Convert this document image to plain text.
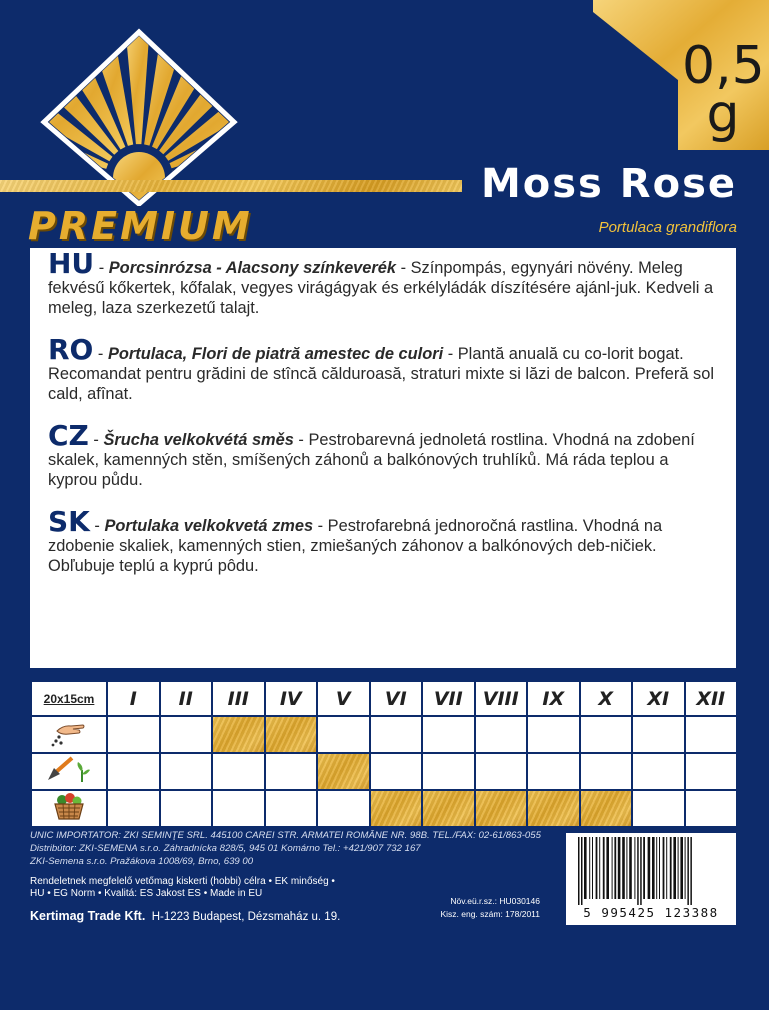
PREMIUM
0,5
g
Moss Rose
Portulaca grandiflora

HU - Porcsinrózsa - Alacsony színkeverék - Színpompás, egynyári növény. Meleg fekvésű kőkertek, kőfalak, vegyes virágágyak és erkélyládák díszítésére ajánl-juk. Kedveli a meleg, laza szerkezetű talajt.

RO - Portulaca, Flori de piatră amestec de culori - Plantă anuală cu co-lorit bogat. Recomandat pentru grădini de stîncă călduroasă, straturi mixte si lăzi de balcon. Preferă sol cald, afînat.

CZ - Šrucha velkokvétá směs - Pestrobarevná jednoletá rostlina. Vhodná na zdobení skalek, kamenných stěn, smíšených záhonů a balkónových truhlíků. Má ráda teplou a kyprou půdu.

SK - Portulaka velkokvetá zmes - Pestrofarebná jednoročná rastlina. Vhodná na zdobenie skaliek, kamenných stien, zmiešaných záhonov a balkónových deb-ničiek. Obľubuje teplú a kyprú pôdu.

20x15cm	I	II	III	IV	V	VI	VII	VIII	IX	X	XI	XII

UNIC IMPORTATOR: ZKI SEMINŢE SRL. 445100 CAREI STR. ARMATEI ROMÂNE NR. 98B. TEL./FAX: 02-61/863-055
Distribútor: ZKI-SEMENA s.r.o. Záhradnícka 828/5, 945 01 Komárno Tel.: +421/907 732 167
ZKI-Semena s.r.o. Pražákova 1008/69, Brno, 639 00
Rendeletnek megfelelő vetőmag kiskerti (hobbi) célra • EK minőség •
HU • EG Norm • Kvalitá: ES Jakost ES • Made in EU
Kertimag Trade Kft. H-1223 Budapest, Dézsmaház u. 19.
Növ.eü.r.sz.: HU030146
Kisz. eng. szám: 178/2011	5 995425 123388
